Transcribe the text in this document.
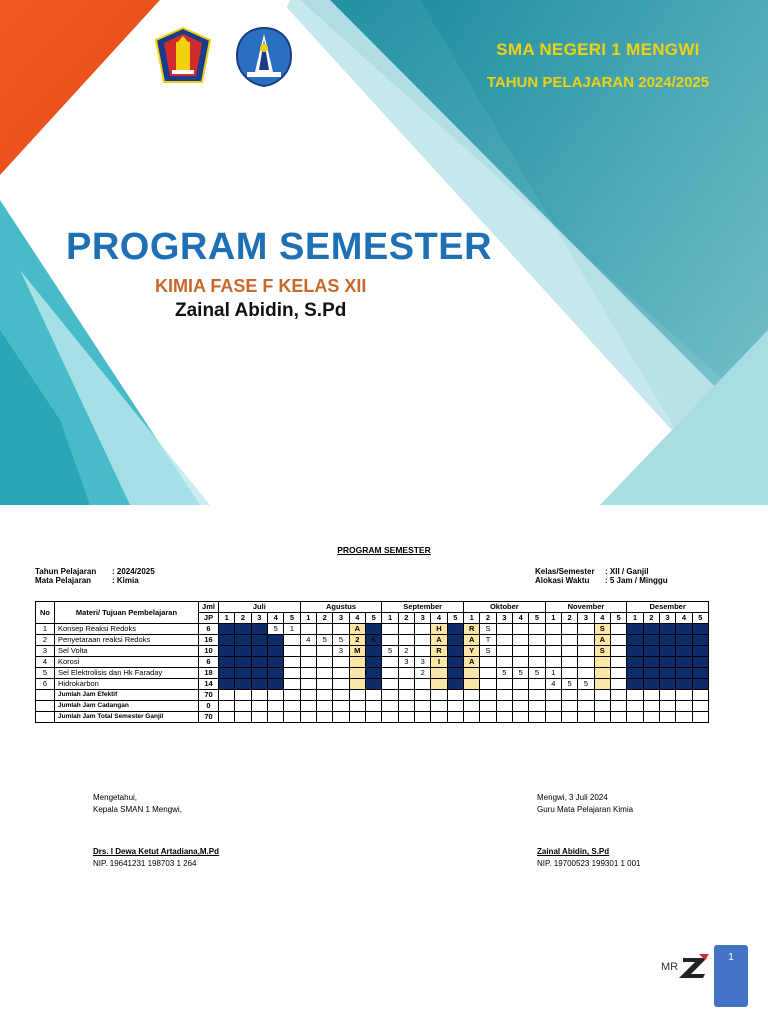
SMA NEGERI 1 MENGWI
TAHUN PELAJARAN 2024/2025
PROGRAM SEMESTER
KIMIA FASE F KELAS XII
Zainal Abidin, S.Pd
PROGRAM SEMESTER
Tahun Pelajaran : 2024/2025
Mata Pelajaran	: Kimia
Kelas/Semester : XII / Ganjil
Alokasi Waktu : 5 Jam / Minggu
No	Materi/ Tujuan Pembelajaran	Jml	Juli					Agustus					September					Oktober					November					Desember				
		JP	1	2	3	4	5	1	2	3	4	5	1	2	3	4	5	1	2	3	4	5	1	2	3	4	5	1	2	3	4	5
1	Konsep Reaksi Redoks	6				5	1				A					H		R	S							S						
2	Penyetaraan reaksi Redoks	16						4	5	5	2	K				A		A	T							A						
3	Sel Volta	10								3	M		5	2		R		Y	S							S						
4	Korosi	6												3	3	I		A														
5	Sel Elektrolisis dan Hk Faraday	18													2					5	5	5	1									
6	Hidrokarbon	14																					4	5	5							
	Jumlah Jam Efektif	70																														
	Jumlah Jam Cadangan	0																														
	Jumlah Jam Total Semester Ganjil	70																														
Mengetahui,
Kepala SMAN 1 Mengwi,
Drs. I Dewa Ketut Artadiana,M.Pd
NIP. 19641231 198703 1 264
Mengwi, 3 Juli 2024
Guru Mata Pelajaran Kimia
Zainal Abidin, S.Pd
NIP. 19700523 199301 1 001
MR
1
